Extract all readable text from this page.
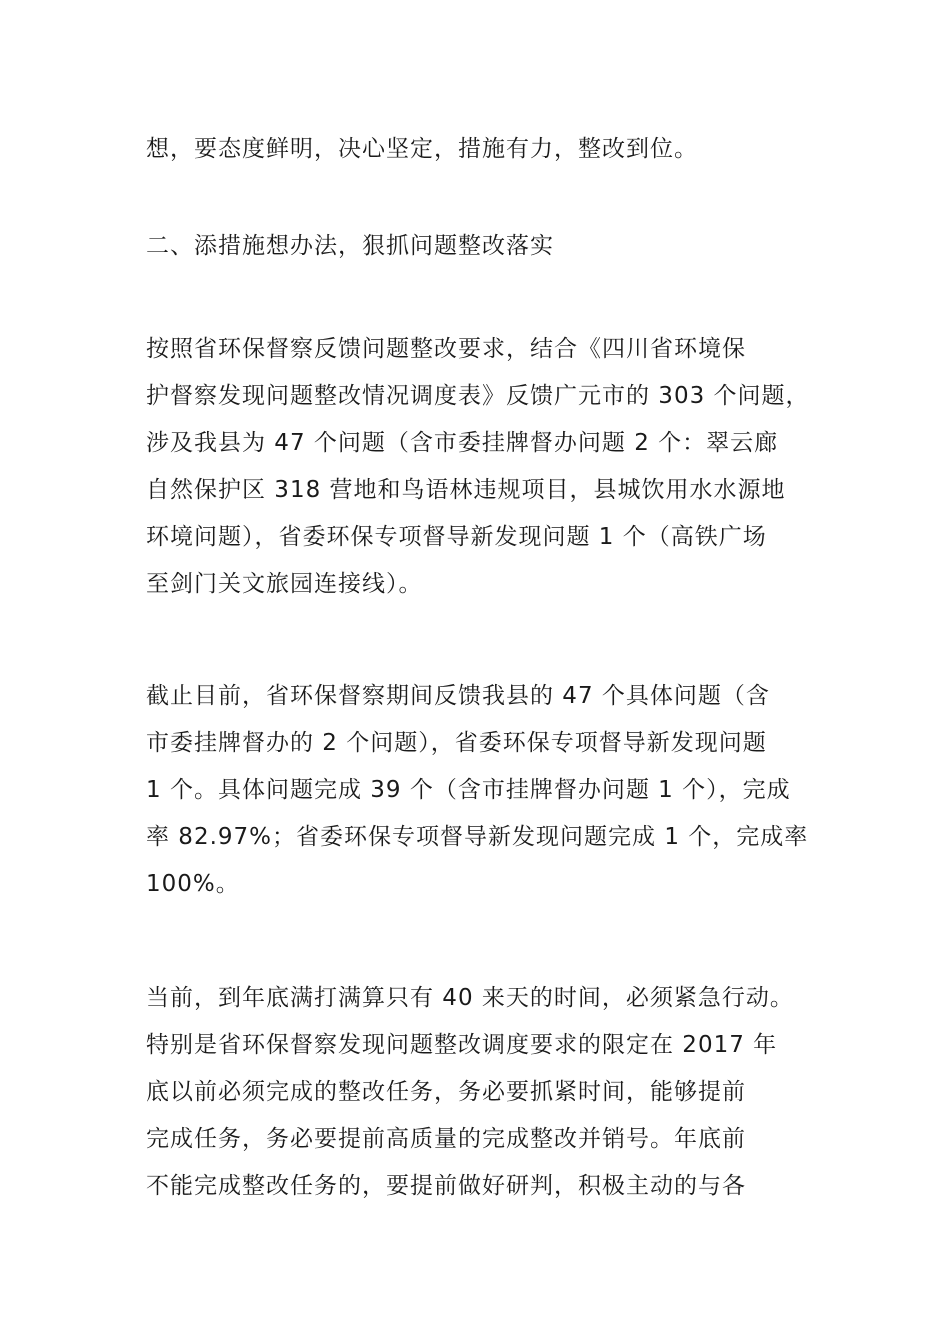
想，要态度鲜明，决心坚定，措施有力，整改到位。
二、添措施想办法，狠抓问题整改落实
按照省环保督察反馈问题整改要求，结合《四川省环境保
护督察发现问题整改情况调度表》反馈广元市的 303 个问题，
涉及我县为 47 个问题（含市委挂牌督办问题 2 个：翠云廊
自然保护区 318 营地和鸟语林违规项目，县城饮用水水源地
环境问题），省委环保专项督导新发现问题 1 个（高铁广场
至剑门关文旅园连接线）。
截止目前，省环保督察期间反馈我县的 47 个具体问题（含
市委挂牌督办的 2 个问题），省委环保专项督导新发现问题
1 个。具体问题完成 39 个（含市挂牌督办问题 1 个），完成
率 82.97%；省委环保专项督导新发现问题完成 1 个，完成率
100%。
当前，到年底满打满算只有 40 来天的时间，必须紧急行动。
特别是省环保督察发现问题整改调度要求的限定在 2017 年
底以前必须完成的整改任务，务必要抓紧时间，能够提前
完成任务，务必要提前高质量的完成整改并销号。年底前
不能完成整改任务的，要提前做好研判，积极主动的与各
